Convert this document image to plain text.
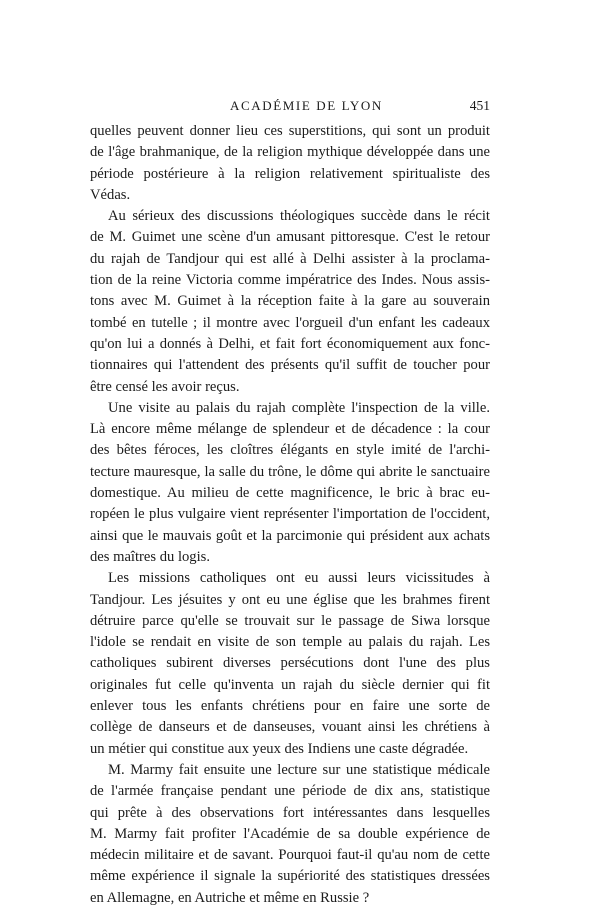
ACADÉMIE DE LYON	451
quelles peuvent donner lieu ces superstitions, qui sont un produit
de l'âge brahmanique, de la religion mythique développée dans une
période postérieure à la religion relativement spiritualiste des
Védas.
Au sérieux des discussions théologiques succède dans le récit
de M. Guimet une scène d'un amusant pittoresque. C'est le retour
du rajah de Tandjour qui est allé à Delhi assister à la proclama-
tion de la reine Victoria comme impératrice des Indes. Nous assis-
tons avec M. Guimet à la réception faite à la gare au souverain
tombé en tutelle ; il montre avec l'orgueil d'un enfant les cadeaux
qu'on lui a donnés à Delhi, et fait fort économiquement aux fonc-
tionnaires qui l'attendent des présents qu'il suffit de toucher pour
être censé les avoir reçus.
Une visite au palais du rajah complète l'inspection de la ville.
Là encore même mélange de splendeur et de décadence : la cour
des bêtes féroces, les cloîtres élégants en style imité de l'archi-
tecture mauresque, la salle du trône, le dôme qui abrite le sanctuaire
domestique. Au milieu de cette magnificence, le bric à brac eu-
ropéen le plus vulgaire vient représenter l'importation de l'occident,
ainsi que le mauvais goût et la parcimonie qui président aux achats
des maîtres du logis.
Les missions catholiques ont eu aussi leurs vicissitudes à
Tandjour. Les jésuites y ont eu une église que les brahmes firent
détruire parce qu'elle se trouvait sur le passage de Siwa lorsque
l'idole se rendait en visite de son temple au palais du rajah. Les
catholiques subirent diverses persécutions dont l'une des plus
originales fut celle qu'inventa un rajah du siècle dernier qui fit
enlever tous les enfants chrétiens pour en faire une sorte de
collège de danseurs et de danseuses, vouant ainsi les chrétiens à
un métier qui constitue aux yeux des Indiens une caste dégradée.
M. Marmy fait ensuite une lecture sur une statistique médicale
de l'armée française pendant une période de dix ans, statistique
qui prête à des observations fort intéressantes dans lesquelles
M. Marmy fait profiter l'Académie de sa double expérience de
médecin militaire et de savant. Pourquoi faut-il qu'au nom de cette
même expérience il signale la supériorité des statistiques dressées
en Allemagne, en Autriche et même en Russie ?
